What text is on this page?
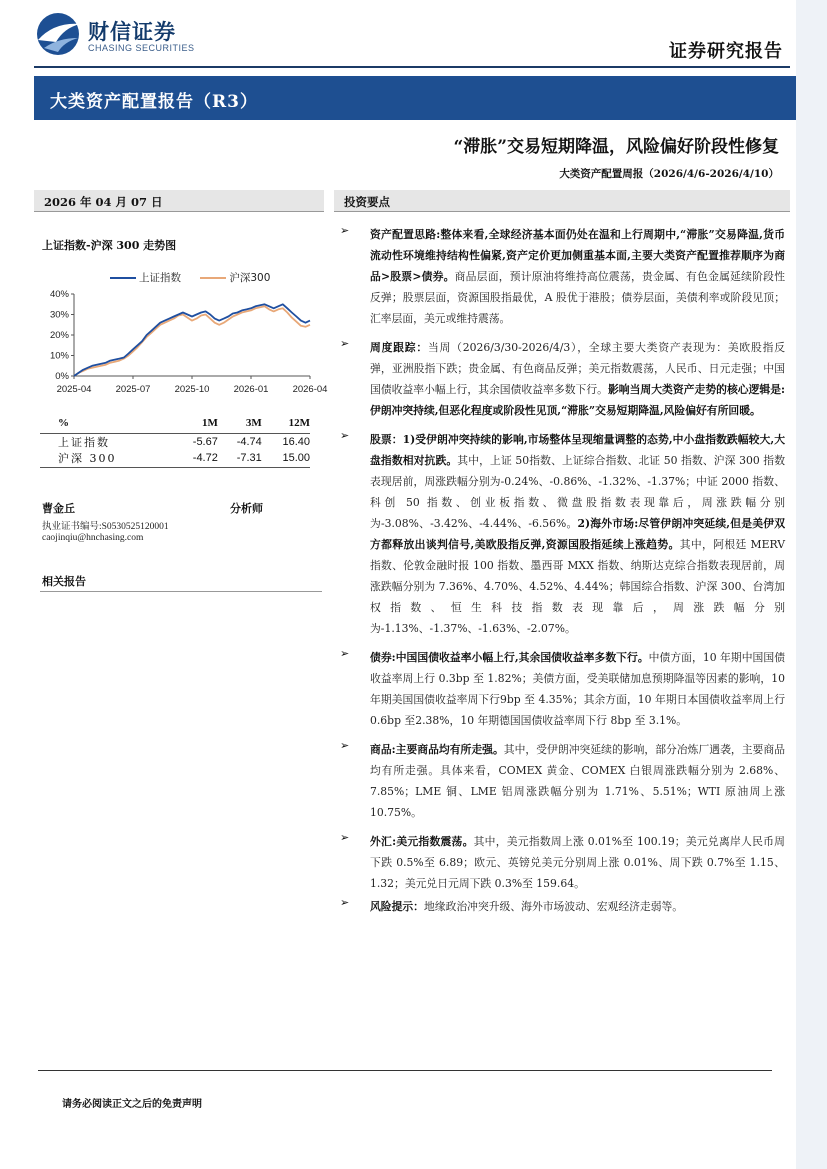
财信证券
CHASING SECURITIES	证券研究报告
大类资产配置报告（R3）
“滞胀”交易短期降温，风险偏好阶段性修复
大类资产配置周报（2026/4/6-2026/4/10）
2026 年 04 月 07 日	投资要点
上证指数-沪深 300 走势图
0%
10%
20%
30%
40%
2025-04	2025-07	2025-10	2026-01	2026-04
上证指数	沪深300
%	1M	3M	12M
上证指数	-5.67	-4.74	16.40
沪深 300	-4.72	-7.31	15.00
曹金丘	分析师
执业证书编号:S0530525120001
caojinqiu@hnchasing.com
相关报告
➢ 资产配置思路:整体来看,全球经济基本面仍处在温和上行周期中,“滞胀”交易降温,货币流动性环境维持结构性偏紧,资产定价更加侧重基本面,主要大类资产配置推荐顺序为商品>股票>债券。商品层面，预计原油将维持高位震荡，贵金属、有色金属延续阶段性反弹；股票层面，资源国股指最优，A 股优于港股；债券层面，美债利率或阶段见顶；汇率层面，美元或维持震荡。
➢ 周度跟踪：当周（2026/3/30-2026/4/3），全球主要大类资产表现为：美欧股指反弹，亚洲股指下跌；贵金属、有色商品反弹；美元指数震荡，人民币、日元走强；中国国债收益率小幅上行，其余国债收益率多数下行。影响当周大类资产走势的核心逻辑是:伊朗冲突持续,但恶化程度或阶段性见顶,“滞胀”交易短期降温,风险偏好有所回暖。
➢ 股票：1)受伊朗冲突持续的影响,市场整体呈现缩量调整的态势,中小盘指数跌幅较大,大盘指数相对抗跌。其中，上证 50指数、上证综合指数、北证 50 指数、沪深 300 指数表现居前，周涨跌幅分别为-0.24%、-0.86%、-1.32%、-1.37%；中证 2000 指数、科创 50 指数、创业板指数、微盘股指数表现靠后，周涨跌幅分别为-3.08%、-3.42%、-4.44%、-6.56%。2)海外市场:尽管伊朗冲突延续,但是美伊双方都释放出谈判信号,美欧股指反弹,资源国股指延续上涨趋势。其中，阿根廷 MERV 指数、伦敦金融时报 100 指数、墨西哥 MXX 指数、纳斯达克综合指数表现居前，周涨跌幅分别为 7.36%、4.70%、4.52%、4.44%；韩国综合指数、沪深 300、台湾加权指数、恒生科技指数表现靠后，周涨跌幅分别为-1.13%、-1.37%、-1.63%、-2.07%。
➢ 债券:中国国债收益率小幅上行,其余国债收益率多数下行。中债方面，10 年期中国国债收益率周上行 0.3bp 至 1.82%；美债方面，受美联储加息预期降温等因素的影响，10年期美国国债收益率周下行9bp 至 4.35%；其余方面，10 年期日本国债收益率周上行 0.6bp 至2.38%，10 年期德国国债收益率周下行 8bp 至 3.1%。
➢ 商品:主要商品均有所走强。其中，受伊朗冲突延续的影响，部分冶炼厂遇袭，主要商品均有所走强。具体来看，COMEX 黄金、COMEX 白银周涨跌幅分别为 2.68%、7.85%；LME 铜、LME 铝周涨跌幅分别为 1.71%、5.51%；WTI 原油周上涨 10.75%。
➢ 外汇:美元指数震荡。其中，美元指数周上涨 0.01%至 100.19；美元兑离岸人民币周下跌 0.5%至 6.89；欧元、英镑兑美元分别周上涨 0.01%、周下跌 0.7%至 1.15、1.32；美元兑日元周下跌 0.3%至 159.64。
➢ 风险提示：地缘政治冲突升级、海外市场波动、宏观经济走弱等。
请务必阅读正文之后的免责声明
